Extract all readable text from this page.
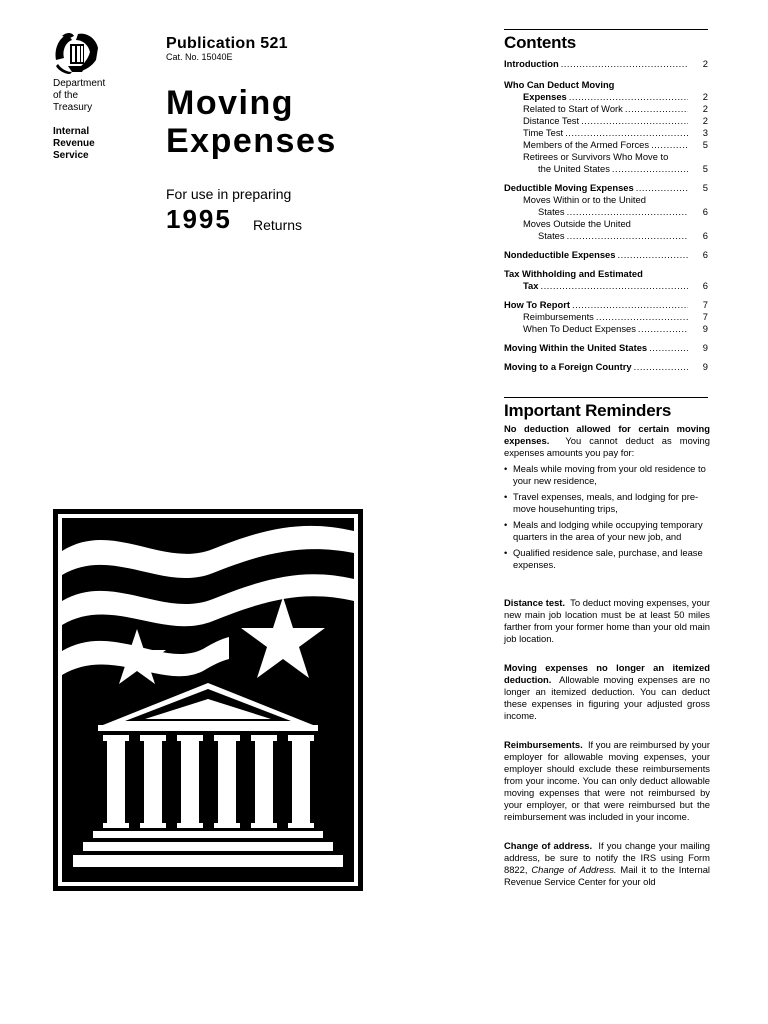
Department
of the
Treasury
Internal
Revenue
Service
Publication 521
Cat. No. 15040E
Moving
Expenses
For use in preparing
1995 Returns
Contents
Introduction .....	2
Who Can Deduct Moving
Expenses .....	2
Related to Start of Work .....	2
Distance Test .....	2
Time Test .....	3
Members of the Armed Forces .....	5
Retirees or Survivors Who Move to
the United States .....	5
Deductible Moving Expenses .....	5
Moves Within or to the United
States .....	6
Moves Outside the United
States .....	6
Nondeductible Expenses .....	6
Tax Withholding and Estimated
Tax .....	6
How To Report .....	7
Reimbursements .....	7
When To Deduct Expenses .....	9
Moving Within the United States .....	9
Moving to a Foreign Country .....	9
Important Reminders

No deduction allowed for certain moving expenses. You cannot deduct as moving expenses amounts you pay for:

• Meals while moving from your old residence to your new residence,
• Travel expenses, meals, and lodging for pre-move househunting trips,
• Meals and lodging while occupying temporary quarters in the area of your new job, and
• Qualified residence sale, purchase, and lease expenses.

Distance test. To deduct moving expenses, your new main job location must be at least 50 miles farther from your former home than your old main job location.

Moving expenses no longer an itemized deduction. Allowable moving expenses are no longer an itemized deduction. You can deduct these expenses in figuring your adjusted gross income.

Reimbursements. If you are reimbursed by your employer for allowable moving expenses, your employer should exclude these reimbursements from your income. You can only deduct allowable moving expenses that were not reimbursed by your employer, or that were reimbursed but the reimbursement was included in your income.

Change of address. If you change your mailing address, be sure to notify the IRS using Form 8822, Change of Address. Mail it to the Internal Revenue Service Center for your old
